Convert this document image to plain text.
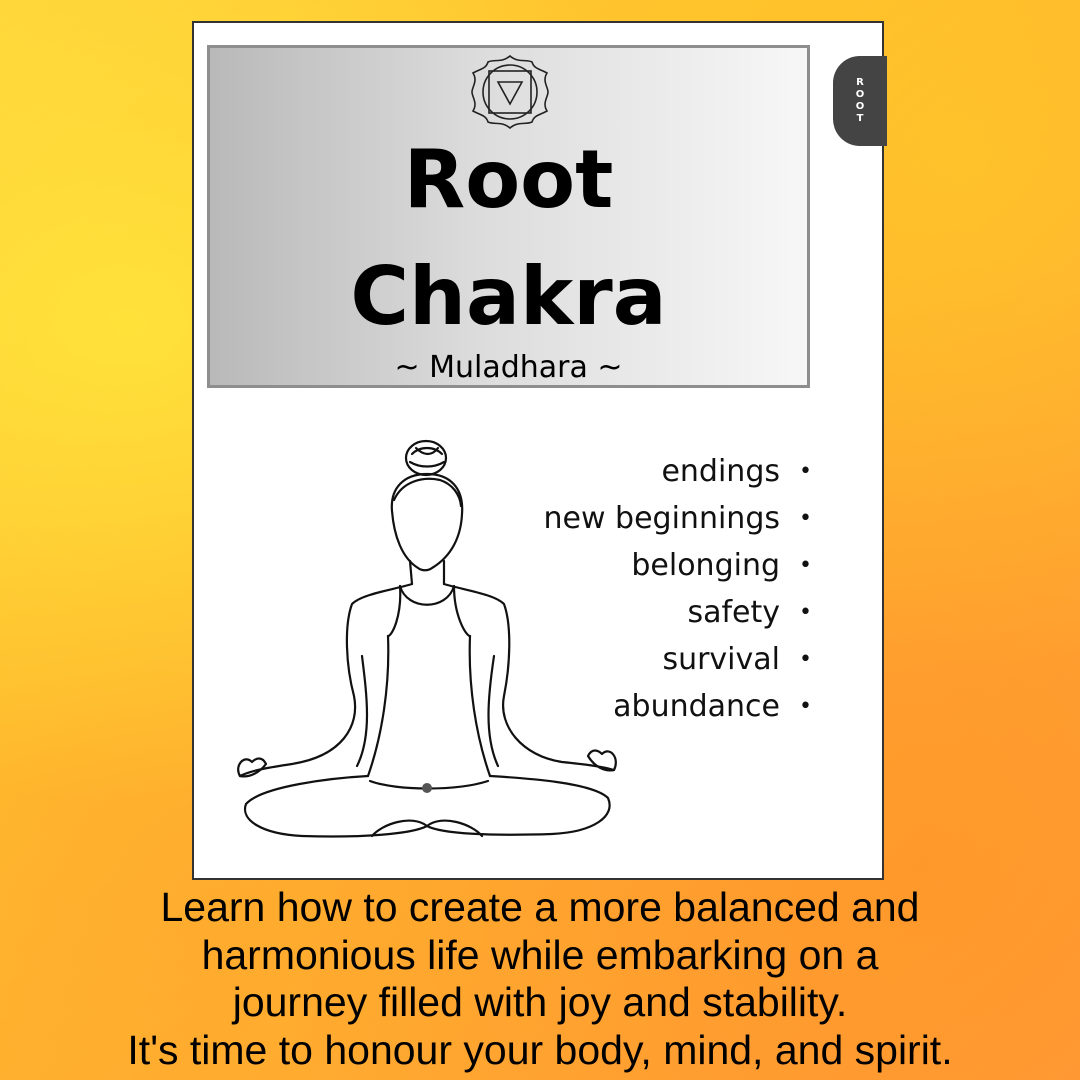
ROOT
Root
Chakra
~ Muladhara ~
endings •
new beginnings •
belonging •
safety •
survival •
abundance •
Learn how to create a more balanced and
harmonious life while embarking on a
journey filled with joy and stability.
It's time to honour your body, mind, and spirit.
